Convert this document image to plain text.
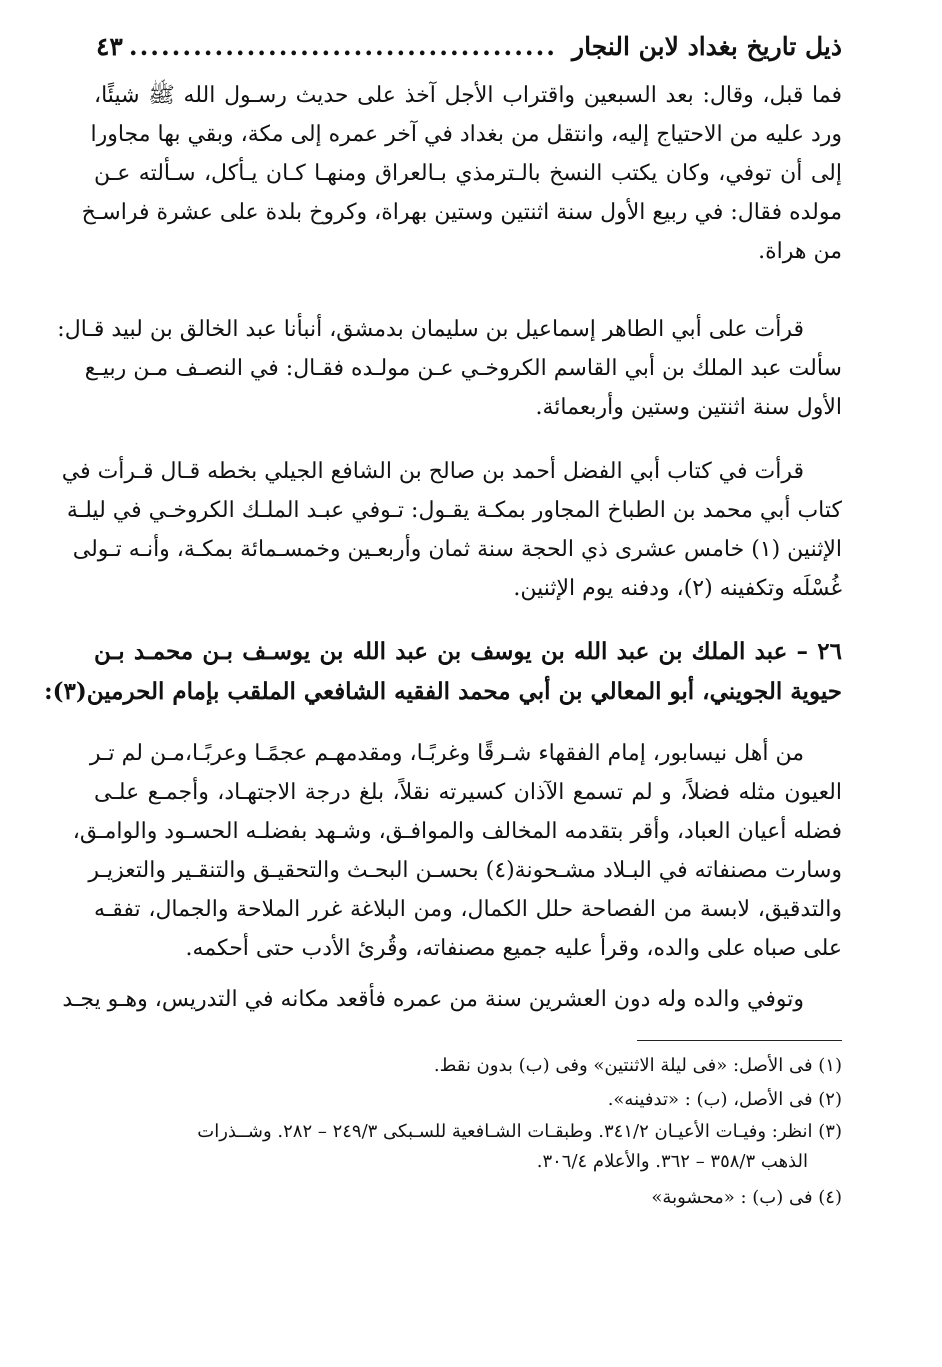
ذيل تاريخ بغداد لابن النجار
........................................
٤٣
فما قبل، وقال: بعد السبعين واقتراب الأجل آخذ على حديث رسـول الله ﷺ شيئًا،
ورد عليه من الاحتياج إليه، وانتقل من بغداد في آخر عمره إلى مكة، وبقي بها مجاورا
إلى أن توفي، وكان يكتب النسخ بالـترمذي بـالعراق ومنهـا كـان يـأكل، سـألته عـن
مولده فقال: في ربيع الأول سنة اثنتين وستين بهراة، وكروخ بلدة على عشرة فراسـخ
من هراة.
قرأت على أبي الطاهر إسماعيل بن سليمان بدمشق، أنبأنا عبد الخالق بن لبيد قـال:
سألت عبد الملك بن أبي القاسم الكروخـي عـن مولـده فقـال: في النصـف مـن ربيـع
الأول سنة اثنتين وستين وأربعمائة.
قرأت في كتاب أبي الفضل أحمد بن صالح بن الشافع الجيلي بخطه قـال قـرأت في
كتاب أبي محمد بن الطباخ المجاور بمكـة يقـول: تـوفي عبـد الملـك الكروخـي في ليلـة
الإثنين (١) خامس عشرى ذي الحجة سنة ثمان وأربعـين وخمسـمائة بمكـة، وأنـه تـولى
غُسْلَه وتكفينه (٢)، ودفنه يوم الإثنين.
٢٦ – عبد الملك بن عبد الله بن يوسف بن عبد الله بن يوسـف بـن محمـد بـن
حيوية الجويني، أبو المعالي بن أبي محمد الفقيه الشافعي الملقب بإمام الحرمين(٣):
من أهل نيسابور، إمام الفقهاء شـرقًا وغربًـا، ومقدمهـم عجمًـا وعربًـا،مـن لم تـر
العيون مثله فضلاً، و لم تسمع الآذان كسيرته نقلاً، بلغ درجة الاجتهـاد، وأجمـع علـى
فضله أعيان العباد، وأقر بتقدمه المخالف والموافـق، وشـهد بفضلـه الحسـود والوامـق،
وسارت مصنفاته في البـلاد مشـحونة(٤) بحسـن البحـث والتحقيـق والتنقـير والتعزيـر
والتدقيق، لابسة من الفصاحة حلل الكمال، ومن البلاغة غرر الملاحة والجمال، تفقـه
على صباه على والده، وقرأ عليه جميع مصنفاته، وقُرئ الأدب حتى أحكمه.
وتوفي والده وله دون العشرين سنة من عمره فأقعد مكانه في التدريس، وهـو يجـد
(١) فى الأصل: «فى ليلة الاثنتين» وفى (ب) بدون نقط.
(٢) فى الأصل، (ب) : «تدفينه».
(٣) انظر: وفيـات الأعيـان ٣٤١/٢. وطبقـات الشـافعية للسـبكى ٢٤٩/٣ – ٢٨٢. وشــذرات
الذهب ٣٥٨/٣ – ٣٦٢. والأعلام ٣٠٦/٤.
(٤) فى (ب) : «محشوبة»
